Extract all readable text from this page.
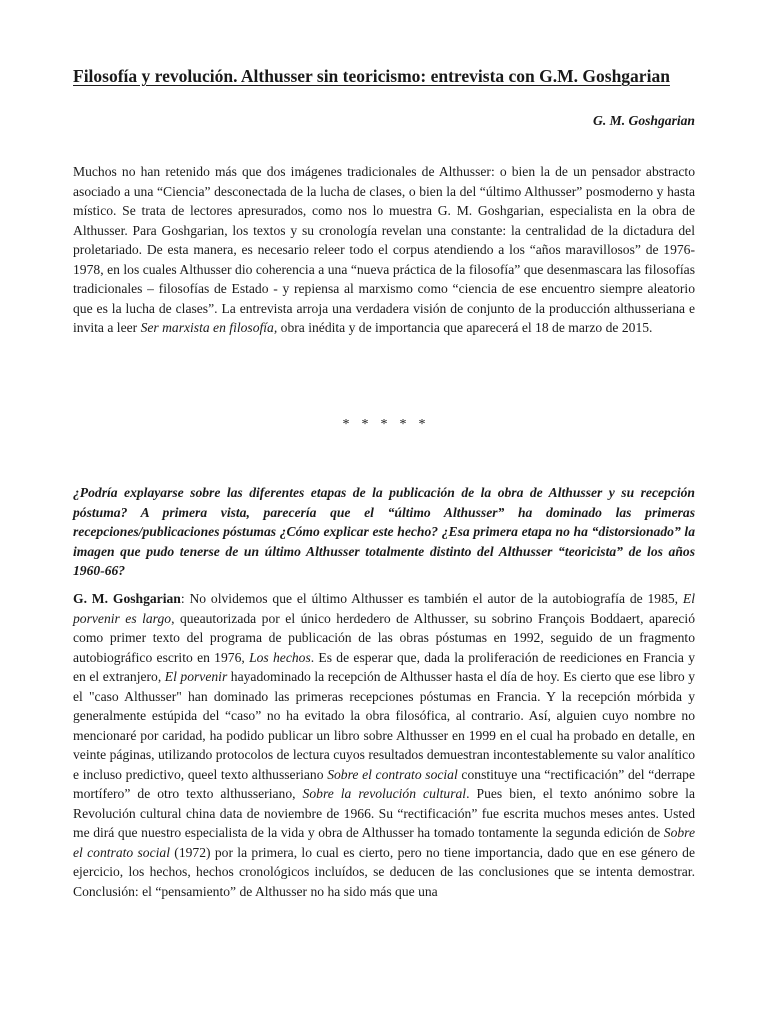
Filosofía y revolución. Althusser sin teoricismo: entrevista con G.M. Goshgarian

G. M. Goshgarian

Muchos no han retenido más que dos imágenes tradicionales de Althusser: o bien la de un pensador abstracto asociado a una “Ciencia” desconectada de la lucha de clases, o bien la del “último Althusser” posmoderno y hasta místico. Se trata de lectores apresurados, como nos lo muestra G. M. Goshgarian, especialista en la obra de Althusser. Para Goshgarian, los textos y su cronología revelan una constante: la centralidad de la dictadura del proletariado. De esta manera, es necesario releer todo el corpus atendiendo a los “años maravillosos” de 1976-1978, en los cuales Althusser dio coherencia a una “nueva práctica de la filosofía” que desenmascara las filosofías tradicionales – filosofías de Estado - y repiensa al marxismo como “ciencia de ese encuentro siempre aleatorio que es la lucha de clases”. La entrevista arroja una verdadera visión de conjunto de la producción althusseriana e invita a leer Ser marxista en filosofía, obra inédita y de importancia que aparecerá el 18 de marzo de 2015.

* * * * *

¿Podría explayarse sobre las diferentes etapas de la publicación de la obra de Althusser y su recepción póstuma? A primera vista, parecería que el “último Althusser” ha dominado las primeras recepciones/publicaciones póstumas ¿Cómo explicar este hecho? ¿Esa primera etapa no ha “distorsionado” la imagen que pudo tenerse de un último Althusser totalmente distinto del Althusser “teoricista” de los años 1960-66?

G. M. Goshgarian: No olvidemos que el último Althusser es también el autor de la autobiografía de 1985, El porvenir es largo, queautorizada por el único herdedero de Althusser, su sobrino François Boddaert, apareció como primer texto del programa de publicación de las obras póstumas en 1992, seguido de un fragmento autobiográfico escrito en 1976, Los hechos. Es de esperar que, dada la proliferación de reediciones en Francia y en el extranjero, El porvenir hayadominado la recepción de Althusser hasta el día de hoy. Es cierto que ese libro y el "caso Althusser" han dominado las primeras recepciones póstumas en Francia. Y la recepción mórbida y generalmente estúpida del “caso” no ha evitado la obra filosófica, al contrario. Así, alguien cuyo nombre no mencionaré por caridad, ha podido publicar un libro sobre Althusser en 1999 en el cual ha probado en detalle, en veinte páginas, utilizando protocolos de lectura cuyos resultados demuestran incontestablemente su valor analítico e incluso predictivo, queel texto althusseriano Sobre el contrato social constituye una “rectificación” del “derrape mortífero” de otro texto althusseriano, Sobre la revolución cultural. Pues bien, el texto anónimo sobre la Revolución cultural china data de noviembre de 1966. Su “rectificación” fue escrita muchos meses antes. Usted me dirá que nuestro especialista de la vida y obra de Althusser ha tomado tontamente la segunda edición de Sobre el contrato social (1972) por la primera, lo cual es cierto, pero no tiene importancia, dado que en ese género de ejercicio, los hechos, hechos cronológicos incluídos, se deducen de las conclusiones que se intenta demostrar. Conclusión: el “pensamiento” de Althusser no ha sido más que una
